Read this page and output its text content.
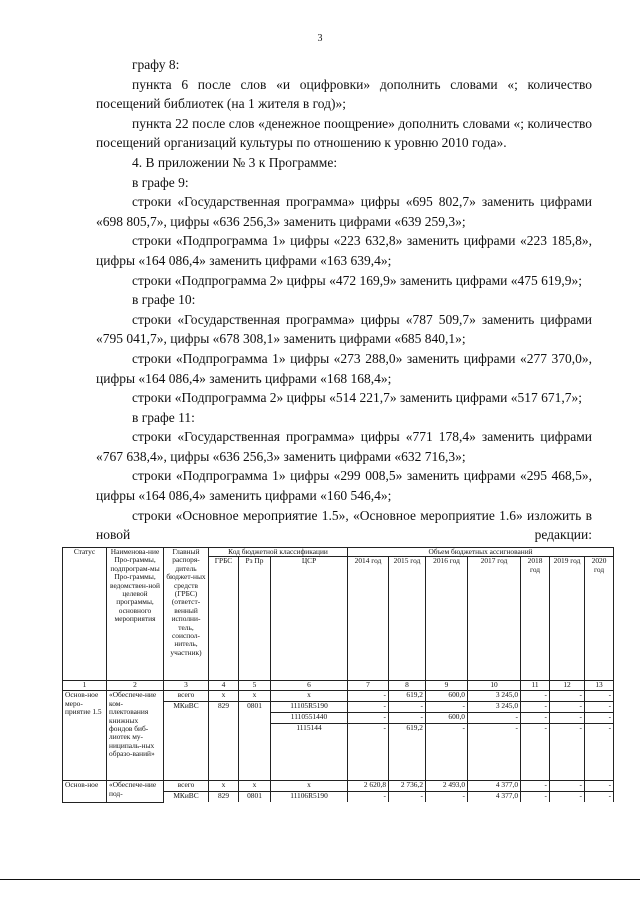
3

графу 8:

пункта 6 после слов «и оцифровки» дополнить словами «; количество посещений библиотек (на 1 жителя в год)»;

пункта 22 после слов «денежное поощрение» дополнить словами «; количество посещений организаций культуры по отношению к уровню 2010 года».

4. В приложении № 3 к Программе:

в графе 9:

строки «Государственная программа» цифры «695 802,7» заменить цифрами «698 805,7», цифры «636 256,3» заменить цифрами «639 259,3»;

строки «Подпрограмма 1» цифры «223 632,8» заменить цифрами «223 185,8», цифры «164 086,4» заменить цифрами «163 639,4»;

строки «Подпрограмма 2» цифры «472 169,9» заменить цифрами «475 619,9»;

в графе 10:

строки «Государственная программа» цифры «787 509,7» заменить цифрами «795 041,7», цифры «678 308,1» заменить цифрами «685 840,1»;

строки «Подпрограмма 1» цифры «273 288,0» заменить цифрами «277 370,0», цифры «164 086,4» заменить цифрами «168 168,4»;

строки «Подпрограмма 2» цифры «514 221,7» заменить цифрами «517 671,7»;

в графе 11:

строки «Государственная программа» цифры «771 178,4» заменить цифрами «767 638,4», цифры «636 256,3» заменить цифрами «632 716,3»;

строки «Подпрограмма 1» цифры «299 008,5» заменить цифрами «295 468,5», цифры «164 086,4» заменить цифрами «160 546,4»;

строки «Основное мероприятие 1.5», «Основное мероприятие 1.6» изложить в новой редакции:

Статус	Наименова-ние Про-граммы, подпрограм-мы Про-граммы, ведомствен-ной целевой программы, основного мероприятия	Главный распоря-дитель бюджет-ных средств (ГРБС) (ответст-венный исполни-тель, соиспол-нитель, участник)	Код бюджетной классификации			Объем бюджетных ассигнований						
			ГРБС	Рз Пр	ЦСР	2014 год	2015 год	2016 год	2017 год	2018 год	2019 год	2020 год
1	2	3	4	5	6	7	8	9	10	11	12	13
Основ-ное меро-приятие 1.5	«Обеспече-ние ком-плектования книжных фондов биб-лиотек му-ниципаль-ных образо-ваний»	всего	x	x	x	-	619,2	600,0	3 245,0	-	-	-
		МКиВС	829	0801	11105R5190	-	-	-	3 245,0	-	-	-
					1110551440	-	-	600,0	-	-	-	-
					1115144	-	619,2	-	-	-	-	-
Основ-ное	«Обеспече-ние под-	всего	x	x	x	2 620,8	2 736,2	2 493,0	4 377,0	-	-	-
		МКиВС	829	0801	11106R5190	-	-	-	4 377,0	-	-	-
